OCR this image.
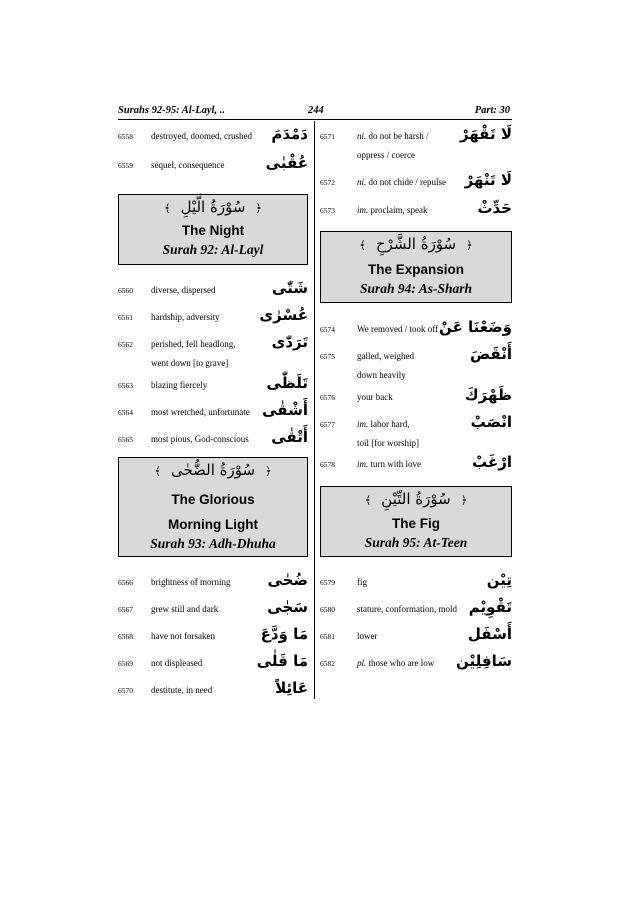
Surahs 92-95: Al-Layl, ..	244	Part: 30
6558 destroyed, doomed, crushed دَمْدَمَ
6559 sequel, consequence	عُقْبٰى
﴿سُوْرَةُ الَّيْلِ﴾
The Night
Surah 92: Al-Layl
6560 diverse, dispersed	شَتّٰى
6561 hardship, adversity	عُسْرٰى
6562 perished, fell headlong,
went down [to grave]
تَرَدّٰى
6563 blazing fiercely	تَلَظّٰى
6564 most wretched, unfortunate أَشْقٰى
6565 most pious, God-conscious أَتْقٰى
﴿سُوْرَةُ الضُّحٰى﴾
The Glorious
Morning Light
Surah 93: Adh-Dhuha
6566 brightness of morning ضُحٰى
6567 grew still and dark	سَجٰى
6568 have not forsaken	مَا وَدَّعَ
6569 not displeased	مَا قَلٰى
6570 destitute, in need	عَائِلاً
6571 ni. do not be harsh /
oppress / coerce
لَا تَقْهَرْ
6572 ni. do not chide / repulse لَا تَنْهَرْ
6573 im. proclaim, speak	حَدِّثْ
﴿سُوْرَةُ الشَّرْحِ﴾
The Expansion
Surah 94: As-Sharh
6574 We removed / took off وَضَعْنَا عَنْ
6575 galled, weighed
down heavily
أَنْقَضَ
6576 your back	ظَهْرَكَ
6577 im. labor hard,
toil [for worship]
انْصَبْ
6578 im. turn with love	ارْغَبْ
﴿سُوْرَةُ التِّيْنِ﴾
The Fig
Surah 95: At-Teen
6579 fig	تِيْن
6580 stature, conformation, mold تَقْوِيْم
6581 lower	أَسْفَل
6582 pl. those who are low سَافِلِيْن
